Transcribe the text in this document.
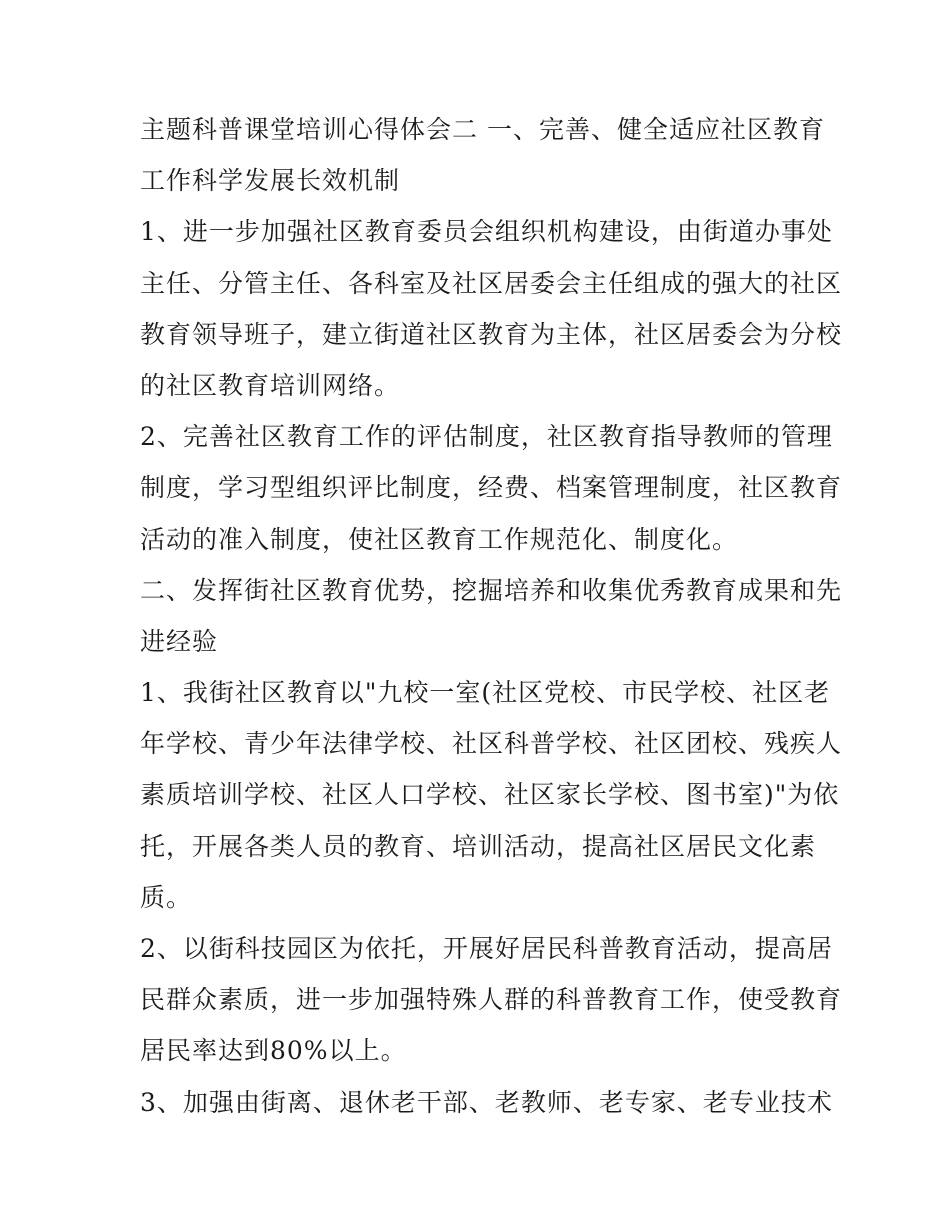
主题科普课堂培训心得体会二 一、完善、健全适应社区教育
工作科学发展长效机制
1、进一步加强社区教育委员会组织机构建设，由街道办事处
主任、分管主任、各科室及社区居委会主任组成的强大的社区
教育领导班子，建立街道社区教育为主体，社区居委会为分校
的社区教育培训网络。
2、完善社区教育工作的评估制度，社区教育指导教师的管理
制度，学习型组织评比制度，经费、档案管理制度，社区教育
活动的准入制度，使社区教育工作规范化、制度化。
二、发挥街社区教育优势，挖掘培养和收集优秀教育成果和先
进经验
1、我街社区教育以"九校一室(社区党校、市民学校、社区老
年学校、青少年法律学校、社区科普学校、社区团校、残疾人
素质培训学校、社区人口学校、社区家长学校、图书室)"为依
托，开展各类人员的教育、培训活动，提高社区居民文化素
质。
2、以街科技园区为依托，开展好居民科普教育活动，提高居
民群众素质，进一步加强特殊人群的科普教育工作，使受教育
居民率达到80%以上。
3、加强由街离、退休老干部、老教师、老专家、老专业技术
